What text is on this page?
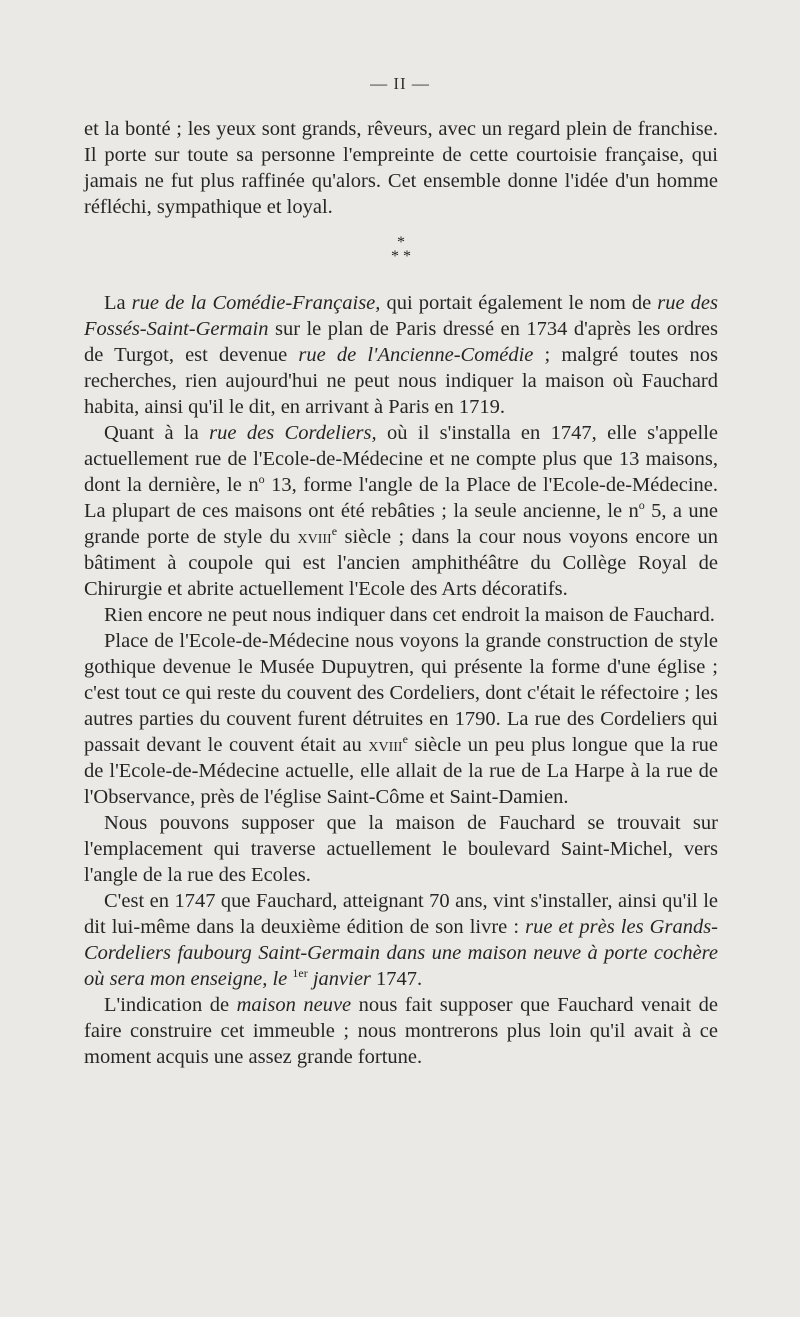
— II —

et la bonté ; les yeux sont grands, rêveurs, avec un regard plein de franchise. Il porte sur toute sa personne l'empreinte de cette courtoisie française, qui jamais ne fut plus raffinée qu'alors. Cet ensemble donne l'idée d'un homme réfléchi, sympathique et loyal.

*
* *

La rue de la Comédie-Française, qui portait également le nom de rue des Fossés-Saint-Germain sur le plan de Paris dressé en 1734 d'après les ordres de Turgot, est devenue rue de l'Ancienne-Comédie ; malgré toutes nos recherches, rien aujourd'hui ne peut nous indiquer la maison où Fauchard habita, ainsi qu'il le dit, en arrivant à Paris en 1719.

Quant à la rue des Cordeliers, où il s'installa en 1747, elle s'appelle actuellement rue de l'Ecole-de-Médecine et ne compte plus que 13 maisons, dont la dernière, le $n^o$ 13, forme l'angle de la Place de l'Ecole-de-Médecine. La plupart de ces maisons ont été rebâties ; la seule ancienne, le $n^o$ 5, a une grande porte de style du xviii$^e$ siècle ; dans la cour nous voyons encore un bâtiment à coupole qui est l'ancien amphithéâtre du Collège Royal de Chirurgie et abrite actuellement l'Ecole des Arts décoratifs.

Rien encore ne peut nous indiquer dans cet endroit la maison de Fauchard.

Place de l'Ecole-de-Médecine nous voyons la grande construction de style gothique devenue le Musée Dupuytren, qui présente la forme d'une église ; c'est tout ce qui reste du couvent des Cordeliers, dont c'était le réfectoire ; les autres parties du couvent furent détruites en 1790. La rue des Cordeliers qui passait devant le couvent était au xviii$^e$ siècle un peu plus longue que la rue de l'Ecole-de-Médecine actuelle, elle allait de la rue de La Harpe à la rue de l'Observance, près de l'église Saint-Côme et Saint-Damien.

Nous pouvons supposer que la maison de Fauchard se trouvait sur l'emplacement qui traverse actuellement le boulevard Saint-Michel, vers l'angle de la rue des Ecoles.

C'est en 1747 que Fauchard, atteignant 70 ans, vint s'installer, ainsi qu'il le dit lui-même dans la deuxième édition de son livre : rue et près les Grands-Cordeliers faubourg Saint-Germain dans une maison neuve à porte cochère où sera mon enseigne, le $^{1er}$ janvier 1747.

L'indication de maison neuve nous fait supposer que Fauchard venait de faire construire cet immeuble ; nous montrerons plus loin qu'il avait à ce moment acquis une assez grande fortune.
